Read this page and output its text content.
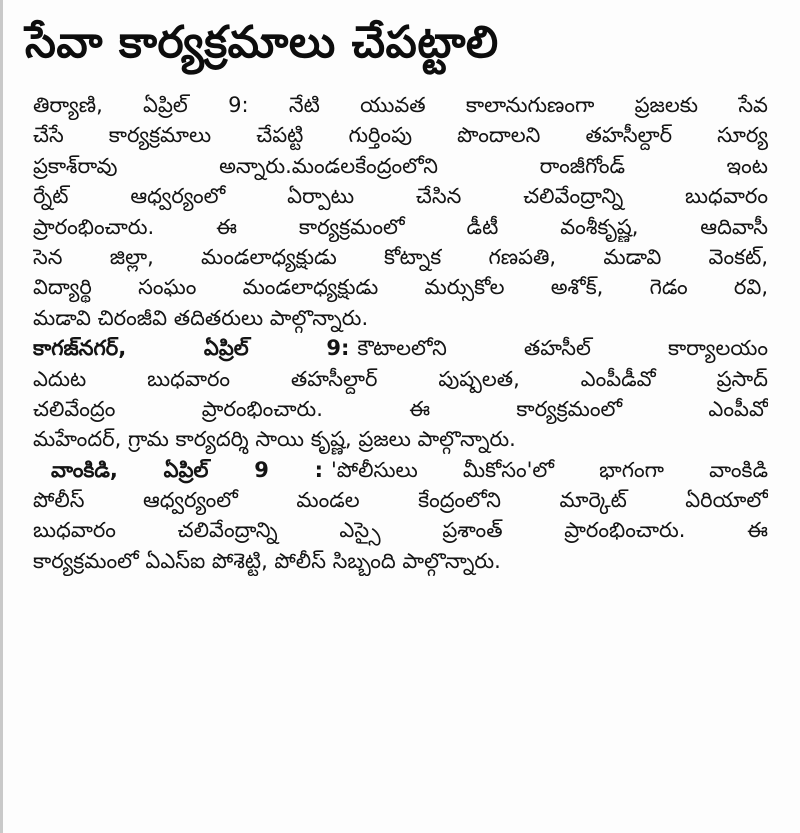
సేవా కార్యక్రమాలు చేపట్టాలి
తిర్యాణి, ఏప్రిల్ 9: నేటి యువత కాలానుగుణంగా ప్రజలకు సేవ
చేసే కార్యక్రమాలు చేపట్టి గుర్తింపు పొందాలని తహసీల్దార్ సూర్య
ప్రకాశ్‌రావు అన్నారు.మండలకేంద్రంలోని రాంజీగోండ్ ఇంట
ర్నేట్ ఆధ్వర్యంలో ఏర్పాటు చేసిన చలివేంద్రాన్ని బుధవారం
ప్రారంభించారు. ఈ కార్యక్రమంలో డీటీ వంశీకృష్ణ, ఆదివాసీ
సెన జిల్లా, మండలాధ్యక్షుడు కోట్నాక గణపతి, మడావి వెంకట్,
విద్యార్థి సంఘం మండలాధ్యక్షుడు మర్సుకోల అశోక్, గెడం రవి,
మడావి చిరంజీవి తదితరులు పాల్గొన్నారు.
కాగజ్‌నగర్, ఏప్రిల్ 9: కౌటాలలోని తహసీల్ కార్యాలయం
ఎదుట బుధవారం తహసీల్దార్ పుష్పలత, ఎంపీడీవో ప్రసాద్
చలివేంద్రం ప్రారంభించారు. ఈ కార్యక్రమంలో ఎంపీవో
మహేందర్, గ్రామ కార్యదర్శి సాయి కృష్ణ, ప్రజలు పాల్గొన్నారు.
వాంకిడి, ఏప్రిల్ 9 : 'పోలీసులు మీకోసం'లో భాగంగా వాంకిడి
పోలీస్ ఆధ్వర్యంలో మండల కేంద్రంలోని మార్కెట్ ఏరియాలో
బుధవారం చలివేంద్రాన్ని ఎస్సై ప్రశాంత్ ప్రారంభించారు. ఈ
కార్యక్రమంలో ఏఎస్ఐ పోశెట్టి, పోలీస్ సిబ్బంది పాల్గొన్నారు.
